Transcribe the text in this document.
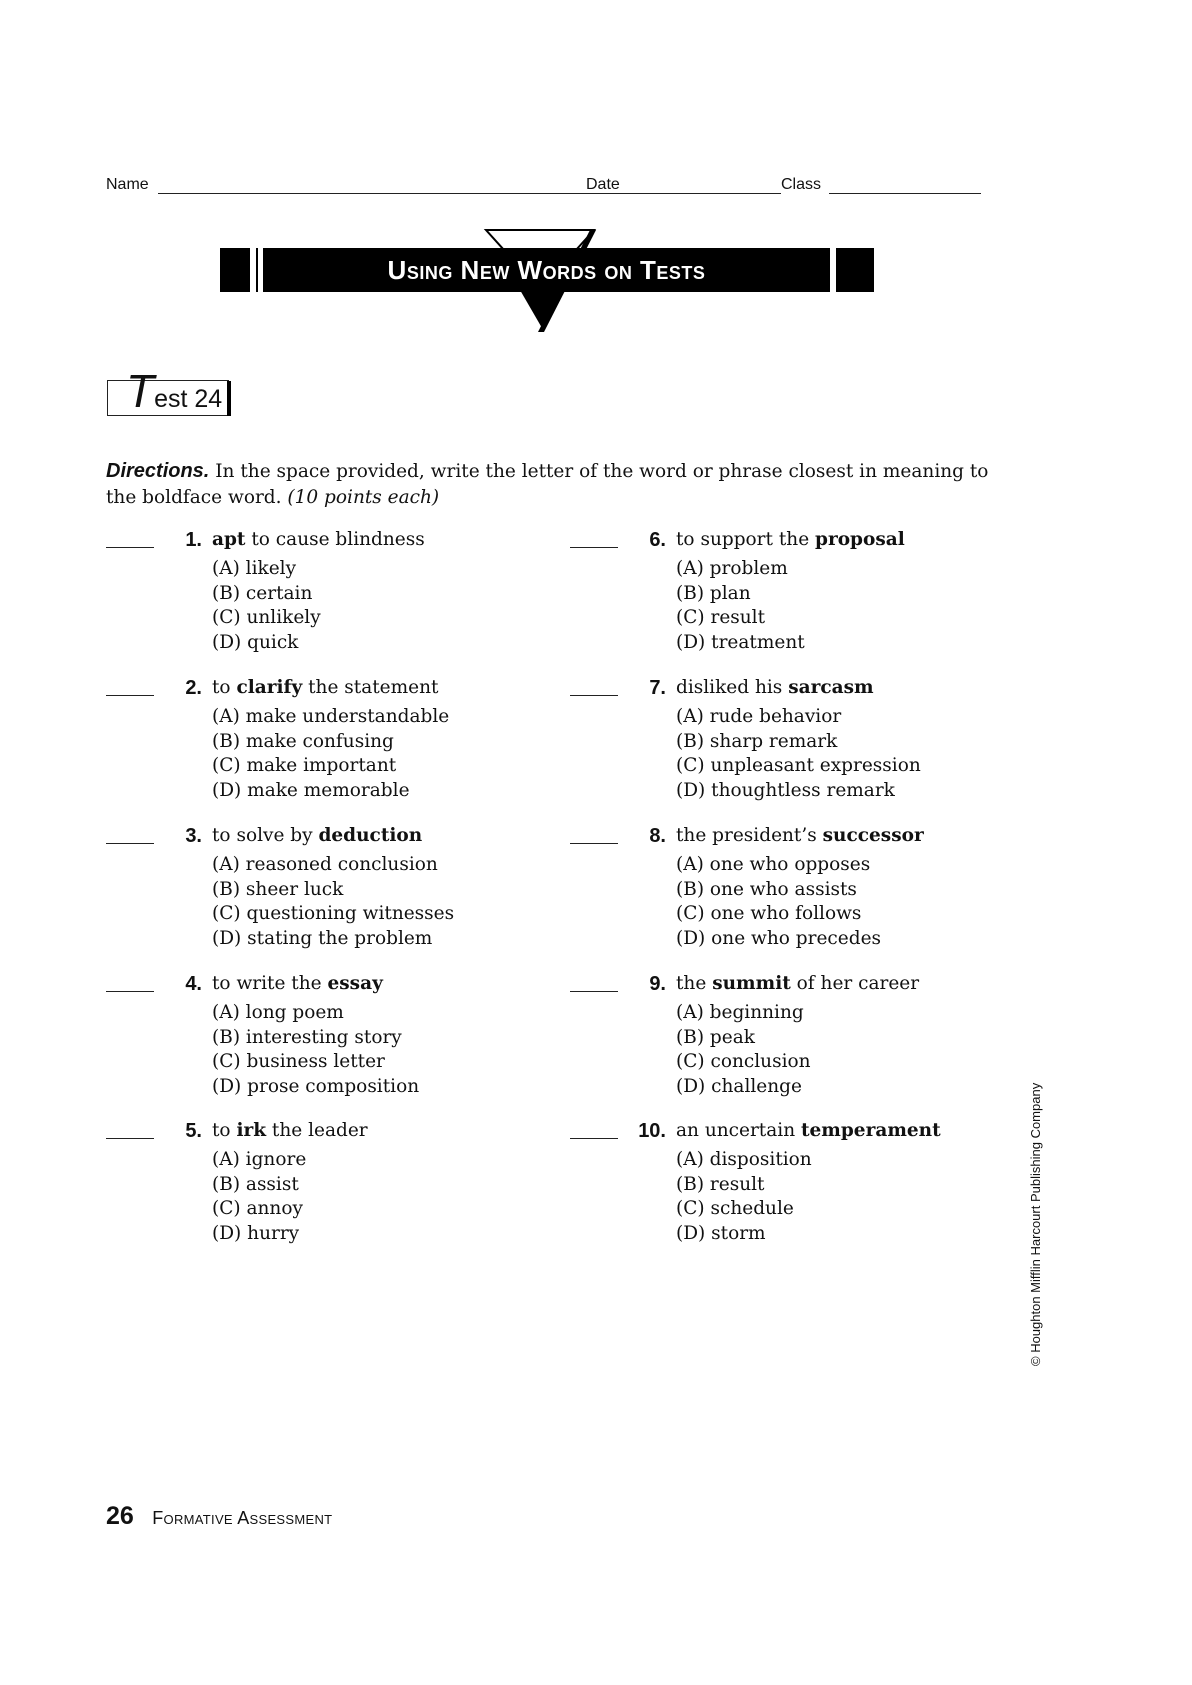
Name	Date	Class
Using New Words on Tests
Test 24
Directions. In the space provided, write the letter of the word or phrase closest in meaning to the boldface word. (10 points each)
1. apt to cause blindness
(A) likely
(B) certain
(C) unlikely
(D) quick
2. to clarify the statement
(A) make understandable
(B) make confusing
(C) make important
(D) make memorable
3. to solve by deduction
(A) reasoned conclusion
(B) sheer luck
(C) questioning witnesses
(D) stating the problem
4. to write the essay
(A) long poem
(B) interesting story
(C) business letter
(D) prose composition
5. to irk the leader
(A) ignore
(B) assist
(C) annoy
(D) hurry
6. to support the proposal
(A) problem
(B) plan
(C) result
(D) treatment
7. disliked his sarcasm
(A) rude behavior
(B) sharp remark
(C) unpleasant expression
(D) thoughtless remark
8. the president’s successor
(A) one who opposes
(B) one who assists
(C) one who follows
(D) one who precedes
9. the summit of her career
(A) beginning
(B) peak
(C) conclusion
(D) challenge
10. an uncertain temperament
(A) disposition
(B) result
(C) schedule
(D) storm	© Houghton Mifflin Harcourt Publishing Company
26 Formative Assessment
